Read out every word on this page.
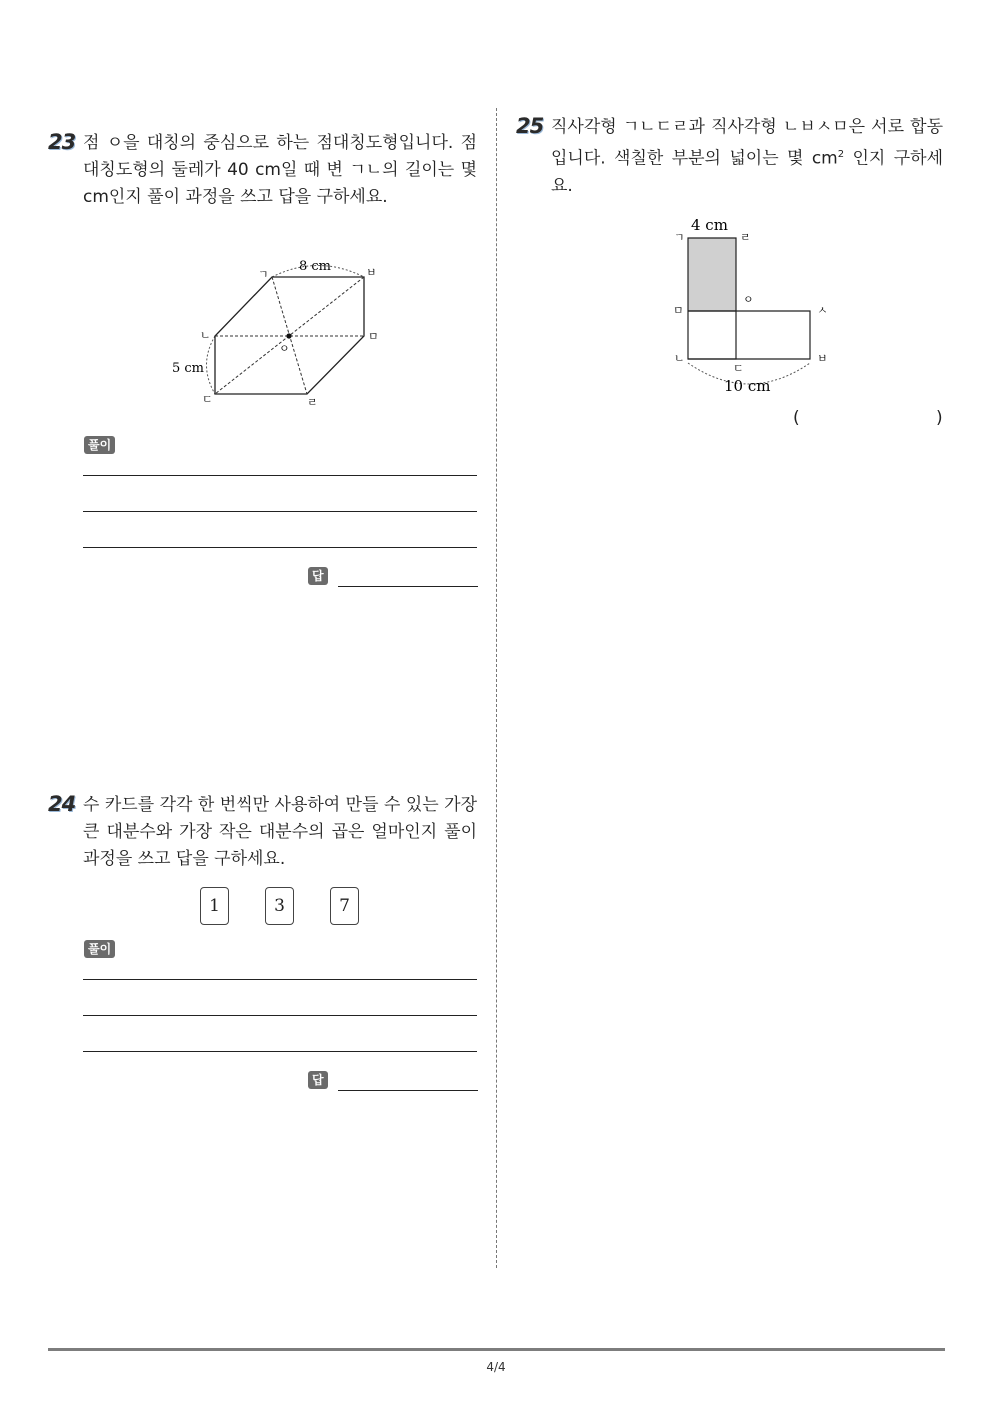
23 점 ㅇ을 대칭의 중심으로 하는 점대칭도형입니다. 점대칭도형의 둘레가 40 cm일 때 변 ㄱㄴ의 길이는 몇 cm인지 풀이 과정을 쓰고 답을 구하세요.
8 cm
5 cm
ㄱ
ㄴ
ㄷ	ㄹ
ㅁ
ㅂ
ㅇ
풀이
답
24 수 카드를 각각 한 번씩만 사용하여 만들 수 있는 가장 큰 대분수와 가장 작은 대분수의 곱은 얼마인지 풀이 과정을 쓰고 답을 구하세요.
1	3	7
풀이
답
25 직사각형 ㄱㄴㄷㄹ과 직사각형 ㄴㅂㅅㅁ은 서로 합동입니다. 색칠한 부분의 넓이는 몇 $cm^2$ 인지 구하세요.
4 cm
10 cm
ㄱ	ㄹ
ㅁ
ㅇ
ㅅ
ㄴ
ㄷ
ㅂ
(	)
4/4
